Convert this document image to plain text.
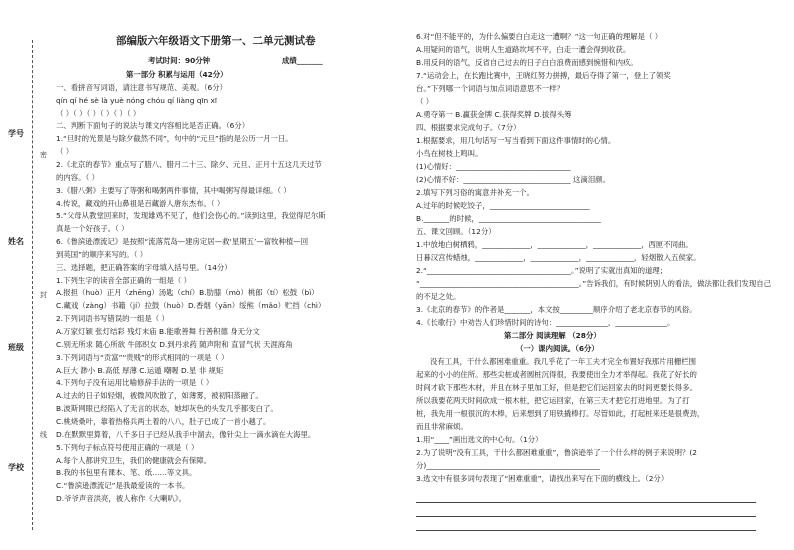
学号
姓名
班级
学校
密
封
线
部编版六年级语文下册第一、二单元测试卷
考试时间：90分钟	成绩_______
第一部分 积累与运用（42分）
一、看拼音写词语，请注意书写规范、美观。（6分）
qín qí hé sè là yuè nóng chóu qí liàng qīn xī
（ ）（ ）（ ）（ ）（ ）（ ）
二、判断下面句子的说法与课文内容相比是否正确。（6分）
1.“旦时的光景是与除夕截然不同”，句中的“元旦”指的是公历一月一日。
（ ）
2.《北京的春节》重点写了腊八、腊月二十三、除夕、元旦、正月十五这几天过节
的内容。（ ）
3.《腊八粥》主要写了等粥和喝粥两件事情，其中喝粥写得最详细。（ ）
4.传说，藏戏的开山鼻祖是百藏游人唐东杰布。（ ）
5.“父母从教堂回来时，发现雄鸡不见了，他们会伤心的。”读到这里，我觉得尼尔斯
真是一个好孩子。（ ）
6.《鲁滨逊漂流记》是按照“流落荒岛—建房定居—救‘星期五’—富牧种植—回
到英国”的顺序来写的。（ ）
三、选择题，把正确答案的字母填入括号里。（14分）
1.下列生字的读音全部正确的一组是（ ）
A.报担（huò）正月（zhēng）汤匙（chí）B.肋膝（mò）桃郎（tí）松鼓（bì）
C.藏戏（zàng）书籍（jí）拉鼓（huò）D.香烟（yān）绥熊（mǎo）贮挡（chì）
2.下列词语书写错误的一组是（ ）
A.万家灯颖 张灯结彩 残灯末庙 B.能歌善舞 行善积德 身无分文
C.别无所求 随心所欲 牛郎织女 D.到丹求药 随声附和 直冒气状 天涯海角
3.下列词语与“贡富”“贵贱”的形式相同的一项是（ ）
A.巨大 渺小 B.高低 厚薄 C.运遁 嘲喔 D.星 非 规矩
4.下列句子没有运用比喻修辞手法的一项是（ ）
A.过去的日子如轻烟，被微风吹散了，如薄雾，被初阳蒸融了。
B.波斯网眼已经陷入了无言的状态，她却灰色的头发几乎都变白了。
C.桃烧桑叶，靠着热格兵两土着的八八，肚子已成了一首小越了。
D.在默默里算着，八千多日子已经从我手中溜去，像针尖上一滴水滴在大海里。
5.下列句子标点符号使用正确的一项是（ ）
A.每个人都讲究卫生，我们的健康就会有保障。
B.我的书包里有课本、笔、纸……等文具。
C.“鲁滨逊漂流记”是我最爱读的一本书。
D.爷爷声音洪亮，被人称作《大喇叭》。
6.对“但不能平的，为什么偏要白白走这一遭啊？”这一句正确的理解是（ ）
A.用疑问的语气，说明人生道路坎坷不平，白走一遭会得到收获。
B.用反问的语气，反省自己过去的日子白白浪费而感到惋惜和内疚。
7.“运动会上，在长跑比赛中，王晓红努力拼搏，最后夺得了第一，登上了领奖
台。”下列哪一个词语与加点词语意思不一样？
（ ）
A.勇夺第一 B.赢获金牌 C.获得奖牌 D.拔得头筹
四、根据要求完成句子。（7分）
1.根据要求，用几句话写一写当看到下面这件事情时的心情。
小鸟在树枝上鸣叫。
(1)心情好：_______________________________
(2)心情不好：_____________________________ 这滴泪颜。
2.填写下列习俗的寓意并补充一个。
A.过年的时候吃饺子，___________________________
B._______的时候，_________________________________
五、课文回顾。（12分）
1.中放地白树栖鸦，_____________，_____________，_____________，西匣不同曲。
日暮汉宫传蜡烛，_____________，_____________，_____________，轻烟散入五侯家。
2.“_______________________________________。”说明了实就出真知的道理；
“___________________________________________。”告诉我们，有时候阴别人的看法，做法都让我们发现自己
的不足之处。
3.《北京的春节》的作者是_______，本文按_________顺序介绍了老北京春节的风俗。
4.《长歌行》中劝告人们珍惜时间的诗句：______________，______________。
第二部分 阅读理解 （28分）
（一）课内阅读。（6分）
没有工具，干什么都困难重重。我几乎花了一年工夫才完全布置好我那片用栅栏围
起来的小小的住所。那些尖桩或者圆桩沉得很，我要使出全力才举得起。我花了好长的
时间才砍下那些木材，并且在林子里加工好，但是把它们运回家去的时间更要长得多。
所以我要花两天时间砍成一根木桩，把它运回家，在第三天才把它打进地里。为了打
桩，我先用一根很沉的木棒，后来想到了用铁撬棒打。尽管如此，打起桩来还是很费劲，
而且非常麻烦。
1.用“____”画出选文的中心句。（1分）
2.为了说明“没有工具，干什么都困难重重”，鲁滨逊举了一个什么样的例子来说明？(2
分)_______________________________________________
3.选文中有很多词句表现了“困难重重”，请找出来写在下面的横线上。（2分）
